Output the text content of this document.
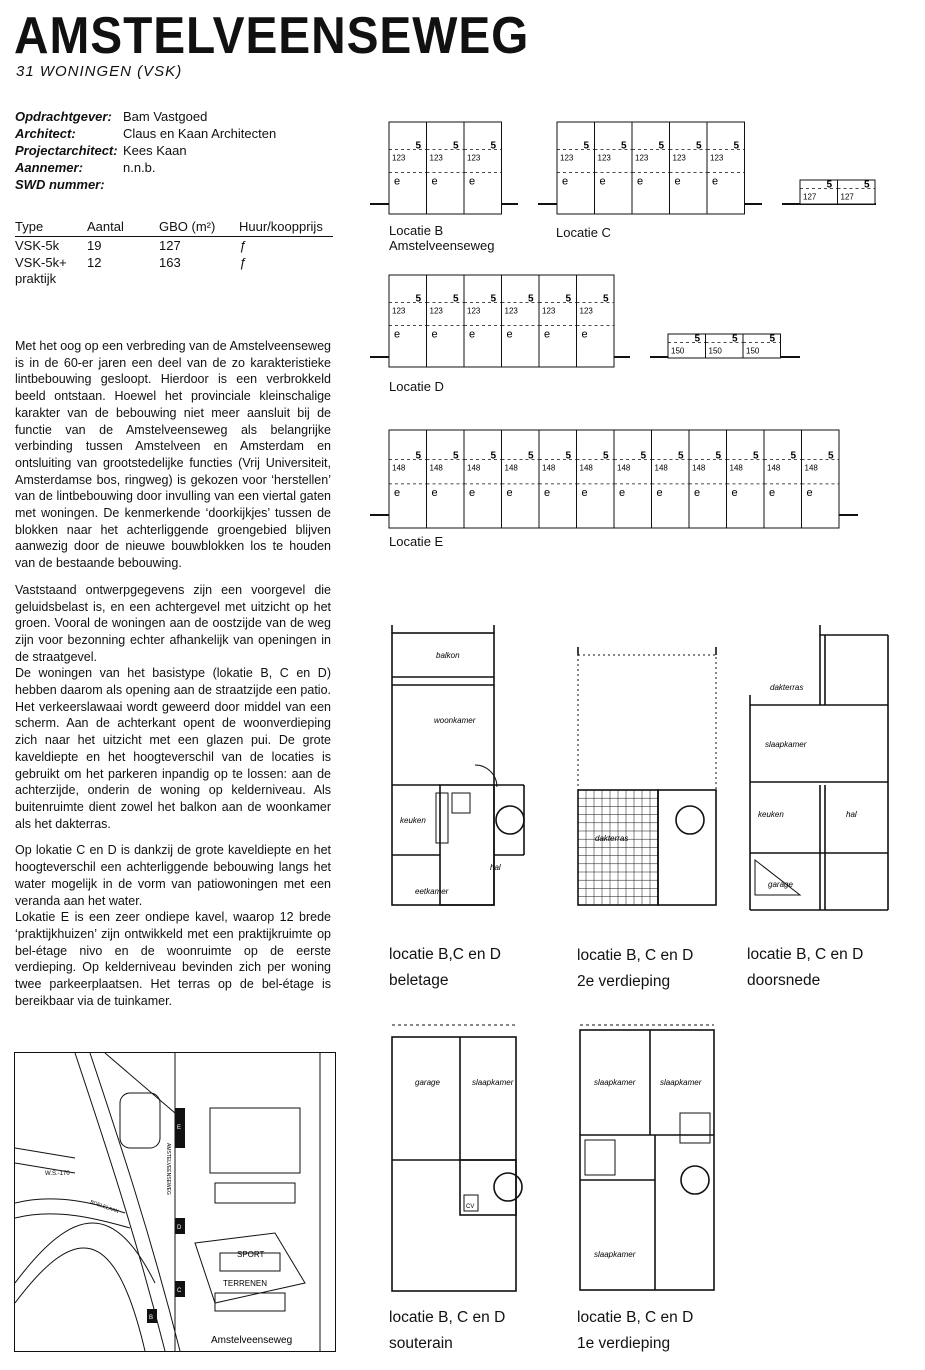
AMSTELVEENSEWEG
31 WONINGEN (VSK)
Opdrachtgever: Bam Vastgoed
Architect:	Claus en Kaan Architecten
Projectarchitect: Kees Kaan
Aannemer:	n.n.b.
SWD nummer:
Type	Aantal	GBO (m²)	Huur/koopprijs
VSK-5k	19	127	ƒ
VSK-5k+
praktijk	12	163	ƒ

Met het oog op een verbreding van de Amstelveenseweg is in de 60-er jaren een deel van de zo karakteristieke lintbebouwing gesloopt. Hierdoor is een verbrokkeld beeld ontstaan. Hoewel het provinciale kleinschalige karakter van de bebouwing niet meer aansluit bij de functie van de Amstelveenseweg als belangrijke verbinding tussen Amstelveen en Amsterdam en ontsluiting van grootstedelijke functies (Vrij Universiteit, Amsterdamse bos, ringweg) is gekozen voor ‘herstellen’ van de lintbebouwing door invulling van een viertal gaten met woningen. De kenmerkende ‘doorkijkjes’ tussen de blokken naar het achterliggende groengebied blijven aanwezig door de nieuwe bouwblokken los te houden van de bestaande bebouwing.

Vaststaand ontwerpgegevens zijn een voorgevel die geluidsbelast is, en een achtergevel met uitzicht op het groen. Vooral de woningen aan de oostzijde van de weg zijn voor bezonning echter afhankelijk van openingen in de straatgevel.
De woningen van het basistype (lokatie B, C en D) hebben daarom als opening aan de straatzijde een patio. Het verkeerslawaai wordt geweerd door middel van een scherm. Aan de achterkant opent de woonverdieping zich naar het uitzicht met een glazen pui. De grote kaveldiepte en het hoogteverschil van de locaties is gebruikt om het parkeren inpandig op te lossen: aan de achterzijde, onderin de woning op kelderniveau. Als buitenruimte dient zowel het balkon aan de woonkamer als het dakterras.

Op lokatie C en D is dankzij de grote kaveldiepte en het hoogteverschil een achterliggende bebouwing langs het water mogelijk in de vorm van patiowoningen met een veranda aan het water.
Lokatie E is een zeer ondiepe kavel, waarop 12 brede ‘praktijkhuizen’ zijn ontwikkeld met een praktijkruimte op bel-étage nivo en de woonruimte op de eerste verdieping. Op kelderniveau bevinden zich per woning twee parkeerplaatsen. Het terras op de bel-étage is bereikbaar via de tuinkamer.

5
123
e
5
123
e
5
123
e
5
123
e
5
123
e
5
123
e
5
123
e
5
123
e	5
127
5
127
5
123
e
5
123
e
5
123
e
5
123
e
5
123
e
5
123
e	5
150
5
150
5
150
5
148
e
5
148
e
5
148
e
5
148
e
5
148
e
5
148
e
5
148
e
5
148
e
5
148
e
5
148
e
5
148
e
5
148
e
Locatie B
Amstelveenseweg
Locatie C
Locatie D
Locatie E
balkon
woonkamer
keuken
hal
eetkamer
dakterras
dakterras
slaapkamer
keuken	hal
garage
locatie B,C en D
beletage
locatie B, C en D
2e verdieping
locatie B, C en D
doorsnede
garage	slaapkamer
CV
slaapkamer	slaapkamer
slaapkamer
locatie B, C en D
souterain
locatie B, C en D
1e verdieping
E
D
C
B
SPORT
TERRENEN
AMSTELVEENSEWEG
W.S.-170
BOELELAAN
Amstelveenseweg
